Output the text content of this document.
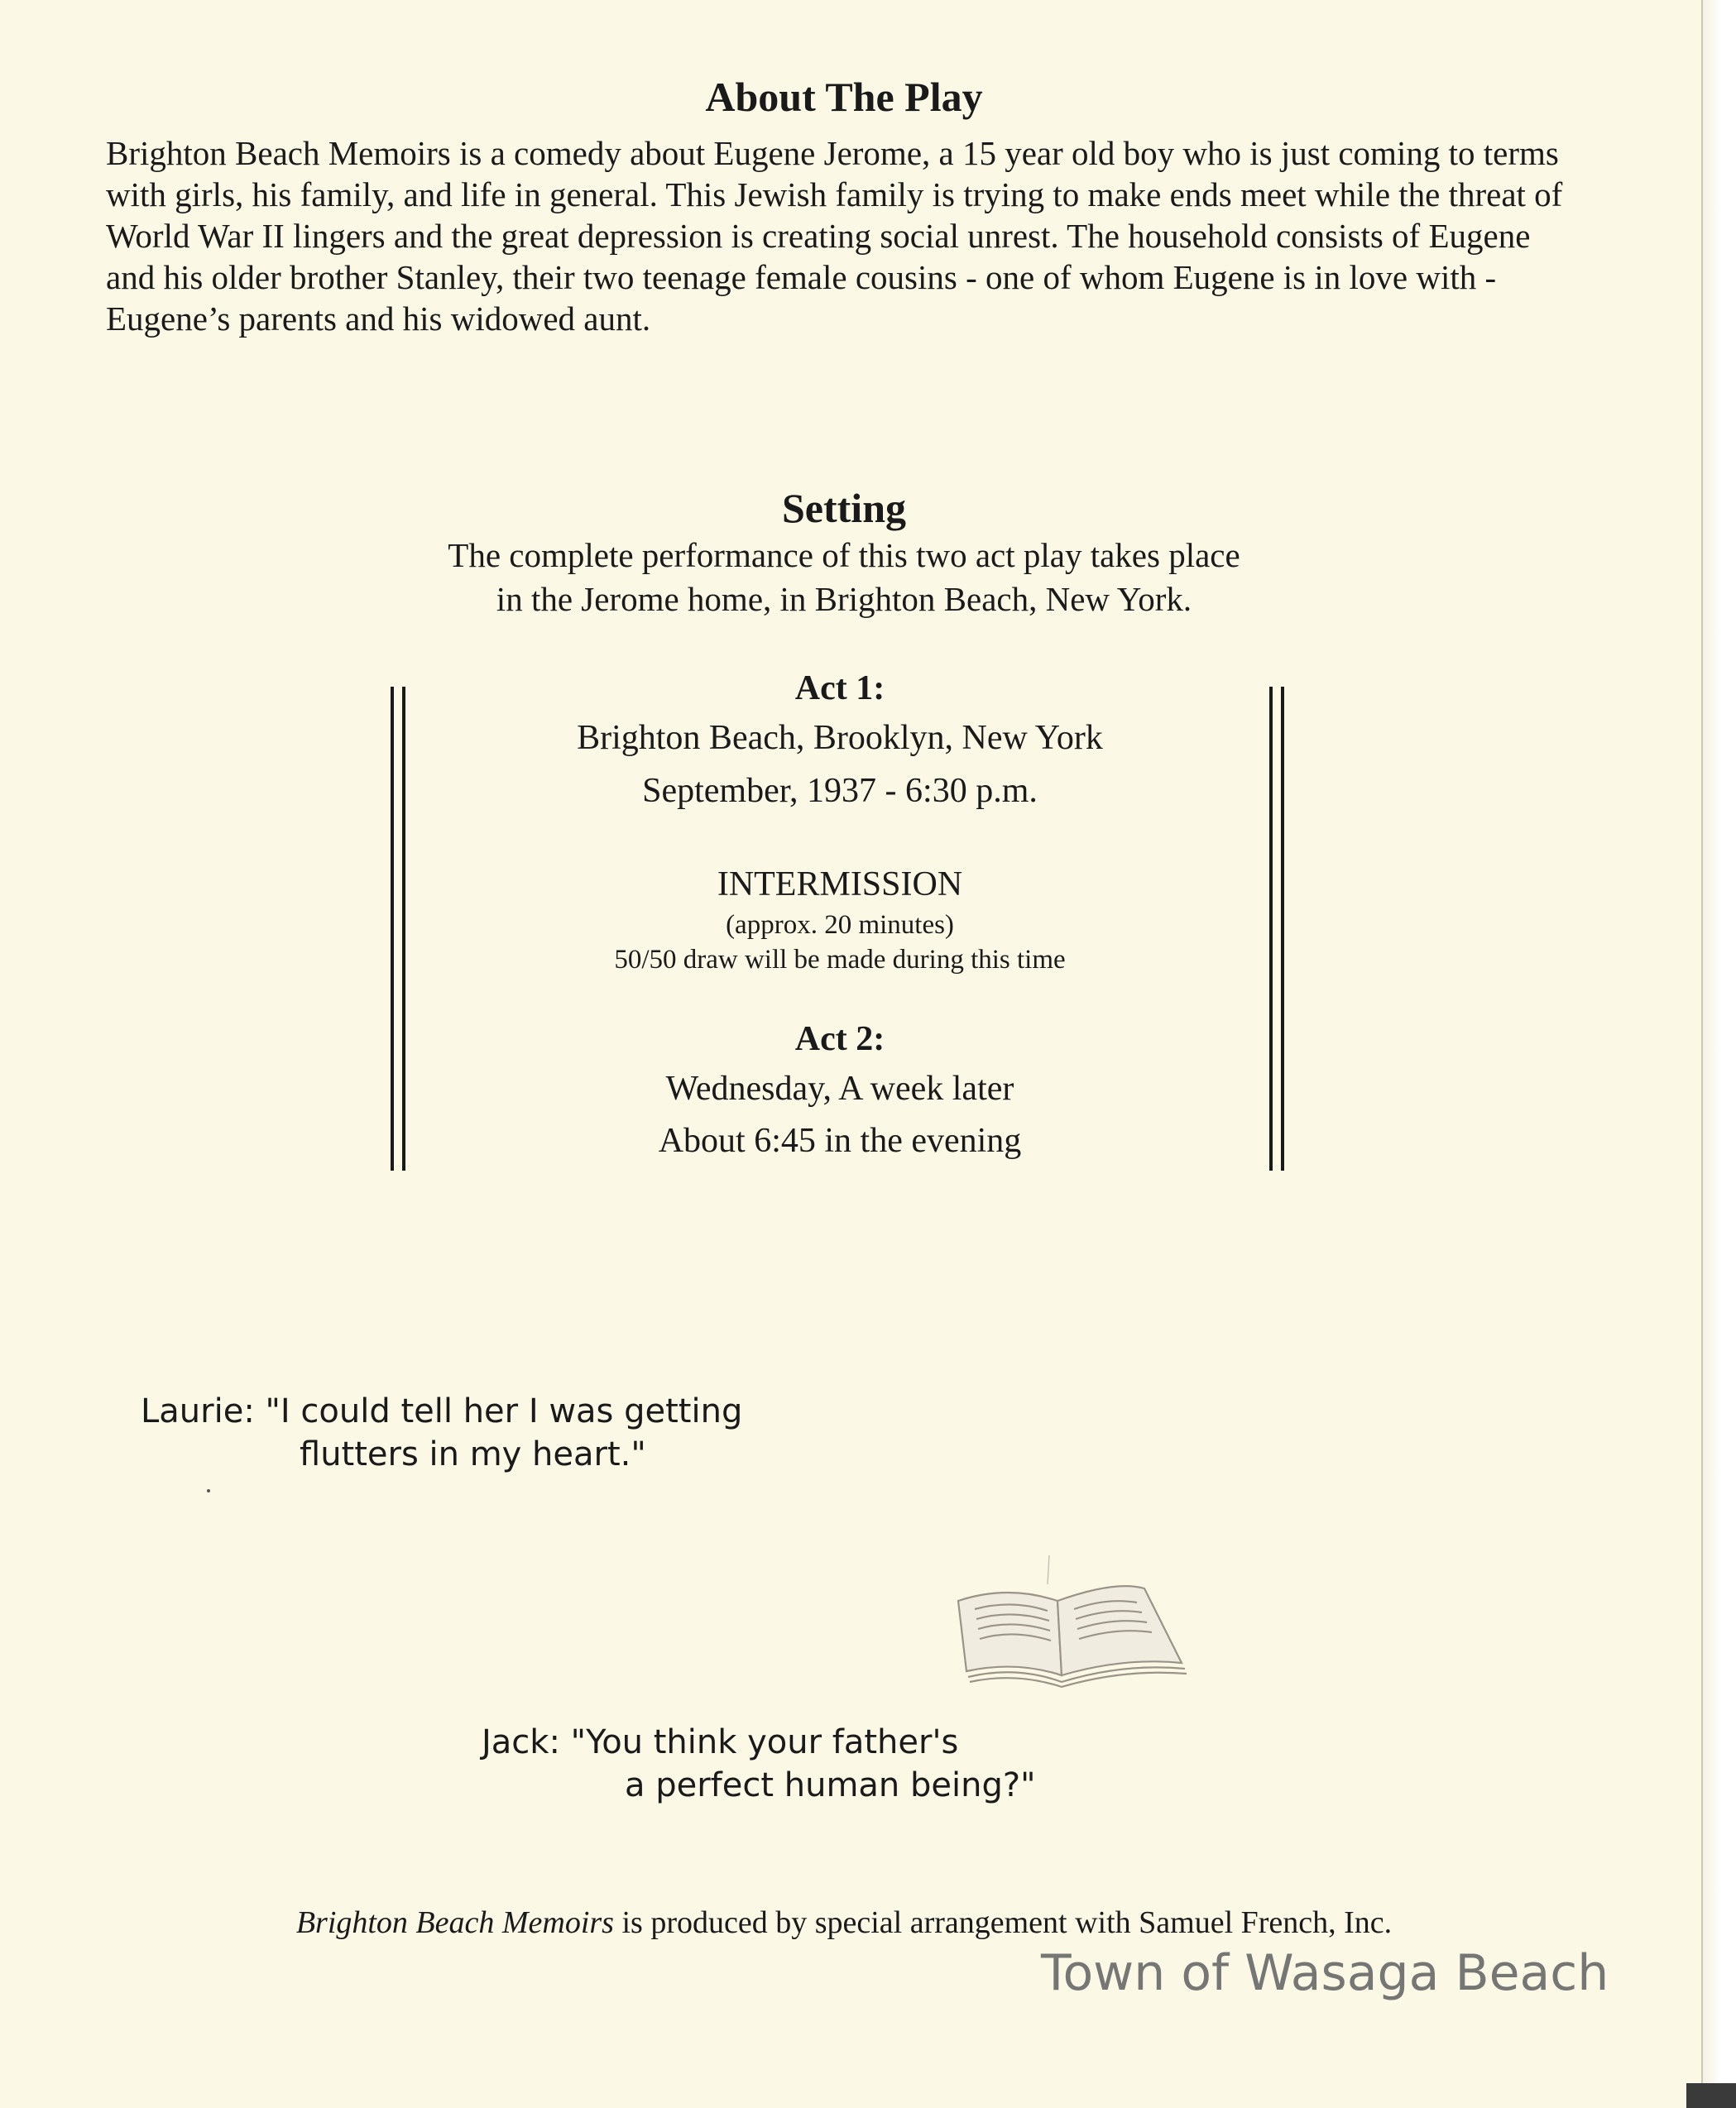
About The Play

Brighton Beach Memoirs is a comedy about Eugene Jerome, a 15 year old boy who is just coming to terms with girls, his family, and life in general. This Jewish family is trying to make ends meet while the threat of World War II lingers and the great depression is creating social unrest. The household consists of Eugene and his older brother Stanley, their two teenage female cousins - one of whom Eugene is in love with - Eugene’s parents and his widowed aunt.

Setting

The complete performance of this two act play takes place

in the Jerome home, in Brighton Beach, New York.

Act 1:

Brighton Beach, Brooklyn, New York

September, 1937 - 6:30 p.m.

INTERMISSION

(approx. 20 minutes)

50/50 draw will be made during this time

Act 2:

Wednesday, A week later

About 6:45 in the evening

Laurie: "I could tell her I was getting

flutters in my heart."

Jack: "You think your father's

a perfect human being?"

Brighton Beach Memoirs is produced by special arrangement with Samuel French, Inc.

Town of Wasaga Beach
